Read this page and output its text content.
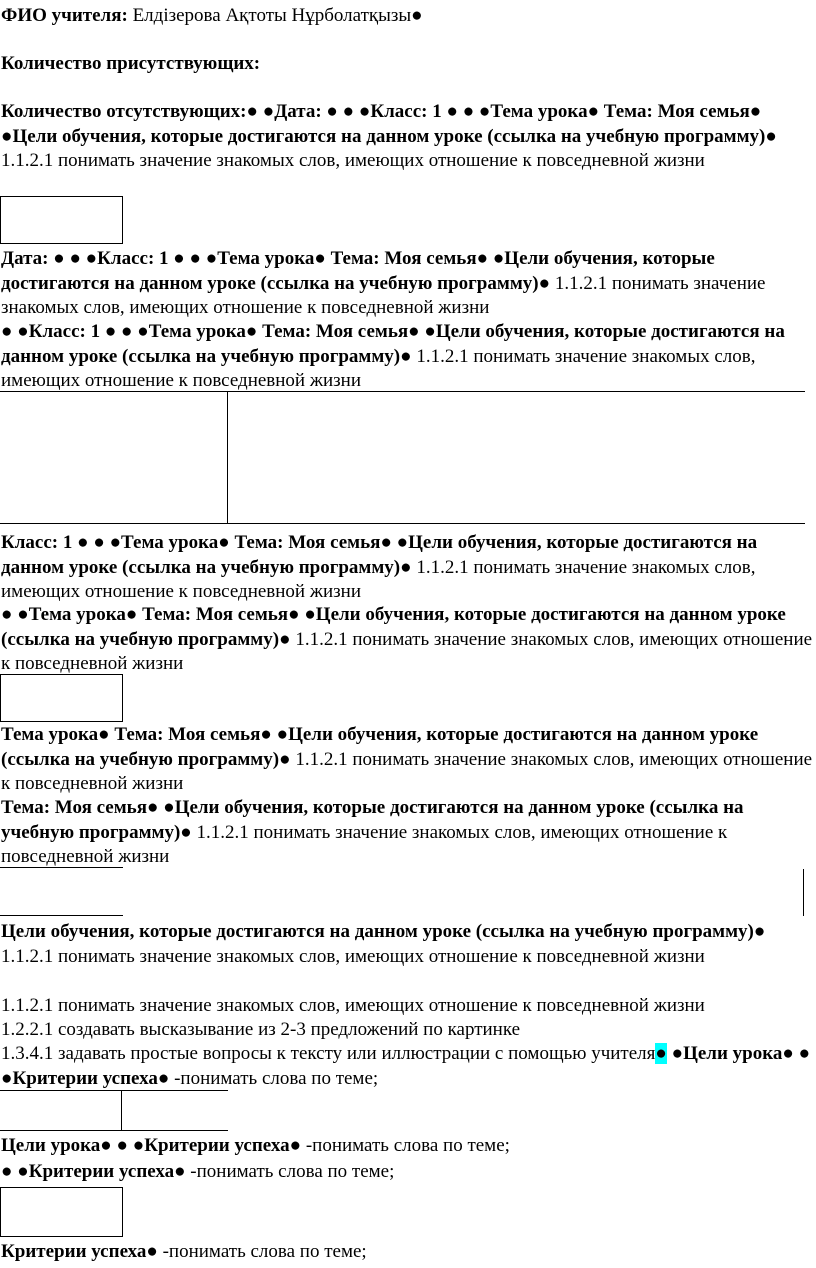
ФИО учителя: Елдізерова Ақтоты Нұрболатқызы●
Количество присутствующих:
Количество отсутствующих:● ●Дата: ● ● ●Класс: 1 ● ● ●Тема урока● Тема: Моя семья● ●Цели обучения, которые достигаются на данном уроке (ссылка на учебную программу)● 1.1.2.1 понимать значение знакомых слов, имеющих отношение к повседневной жизни
Дата: ● ● ●Класс: 1 ● ● ●Тема урока● Тема: Моя семья● ●Цели обучения, которые достигаются на данном уроке (ссылка на учебную программу)● 1.1.2.1 понимать значение знакомых слов, имеющих отношение к повседневной жизни
● ●Класс: 1 ● ● ●Тема урока● Тема: Моя семья● ●Цели обучения, которые достигаются на данном уроке (ссылка на учебную программу)● 1.1.2.1 понимать значение знакомых слов, имеющих отношение к повседневной жизни
Класс: 1 ● ● ●Тема урока● Тема: Моя семья● ●Цели обучения, которые достигаются на данном уроке (ссылка на учебную программу)● 1.1.2.1 понимать значение знакомых слов, имеющих отношение к повседневной жизни
● ●Тема урока● Тема: Моя семья● ●Цели обучения, которые достигаются на данном уроке (ссылка на учебную программу)● 1.1.2.1 понимать значение знакомых слов, имеющих отношение к повседневной жизни
Тема урока● Тема: Моя семья● ●Цели обучения, которые достигаются на данном уроке (ссылка на учебную программу)● 1.1.2.1 понимать значение знакомых слов, имеющих отношение к повседневной жизни
Тема: Моя семья● ●Цели обучения, которые достигаются на данном уроке (ссылка на учебную программу)● 1.1.2.1 понимать значение знакомых слов, имеющих отношение к повседневной жизни
Цели обучения, которые достигаются на данном уроке (ссылка на учебную программу)● 1.1.2.1 понимать значение знакомых слов, имеющих отношение к повседневной жизни
1.1.2.1 понимать значение знакомых слов, имеющих отношение к повседневной жизни
1.2.2.1 создавать высказывание из 2-3 предложений по картинке
1.3.4.1 задавать простые вопросы к тексту или иллюстрации с помощью учителя● ●Цели урока● ● ●Критерии успеха● -понимать слова по теме;
Цели урока● ● ●Критерии успеха● -понимать слова по теме;
● ●Критерии успеха● -понимать слова по теме;
Критерии успеха● -понимать слова по теме;
